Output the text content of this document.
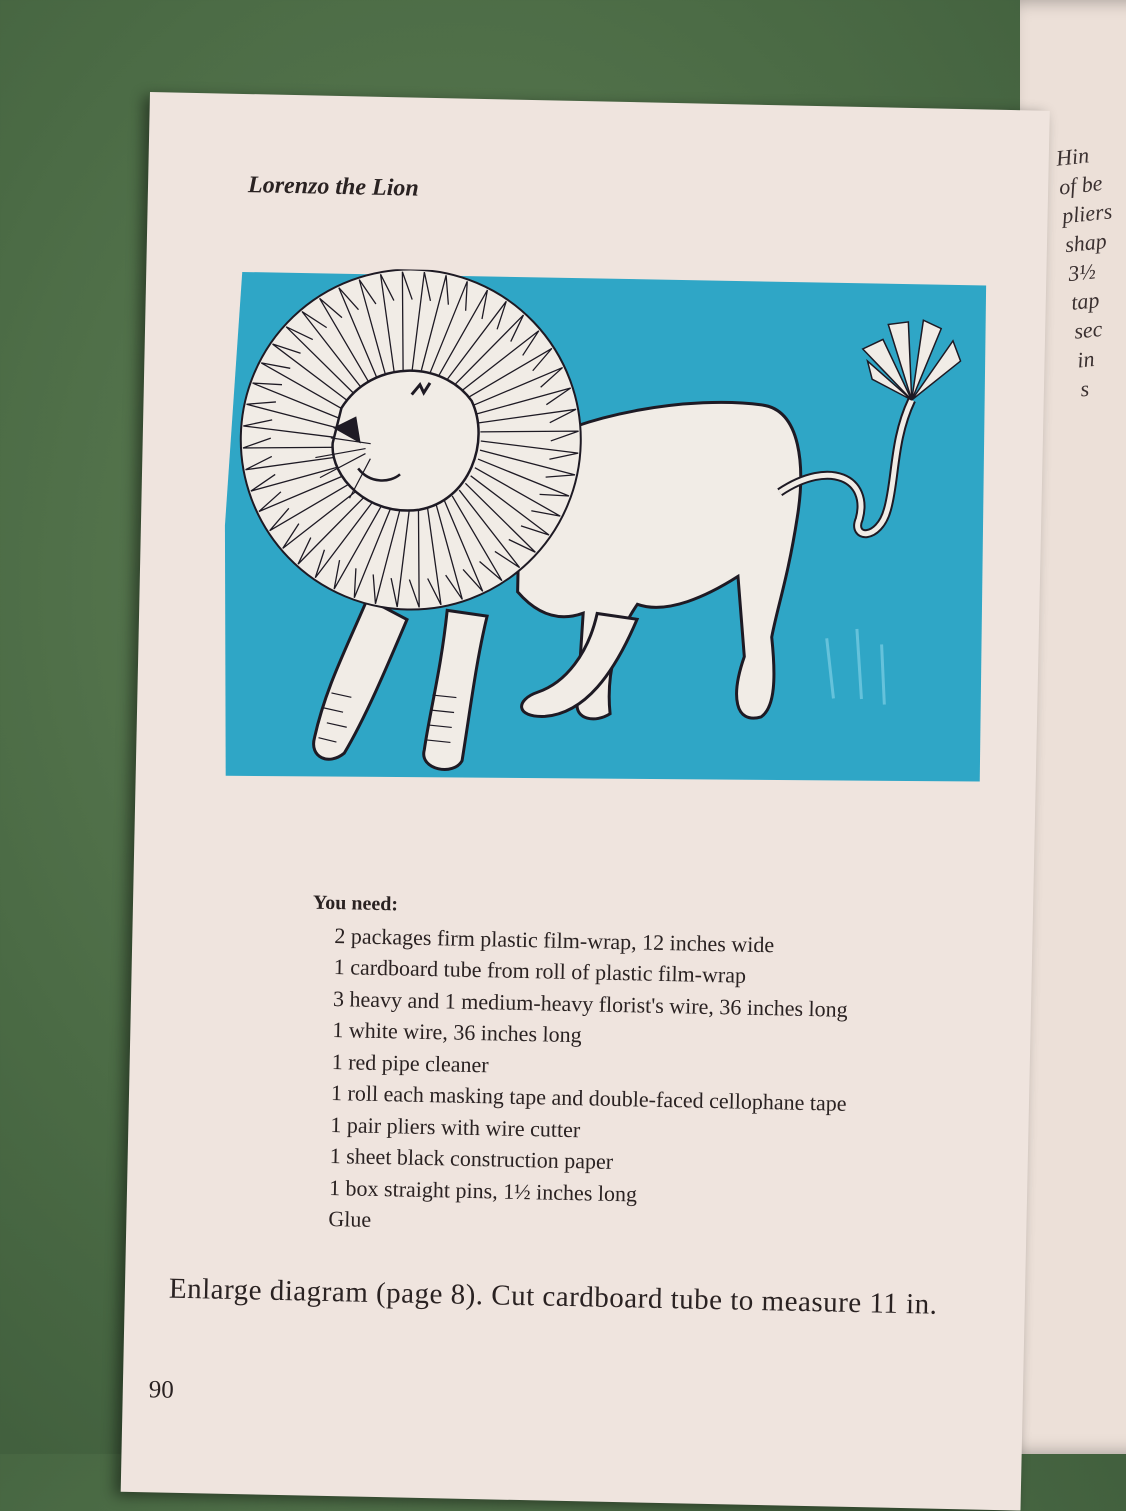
Hin
of be
pliers
shap
3½
tap
sec
in
s
Lorenzo the Lion
You need:
2 packages firm plastic film-wrap, 12 inches wide
1 cardboard tube from roll of plastic film-wrap
3 heavy and 1 medium-heavy florist's wire, 36 inches long
1 white wire, 36 inches long
1 red pipe cleaner
1 roll each masking tape and double-faced cellophane tape
1 pair pliers with wire cutter
1 sheet black construction paper
1 box straight pins, 1½ inches long
Glue
Enlarge diagram (page 8). Cut cardboard tube to measure 11 in.
90
